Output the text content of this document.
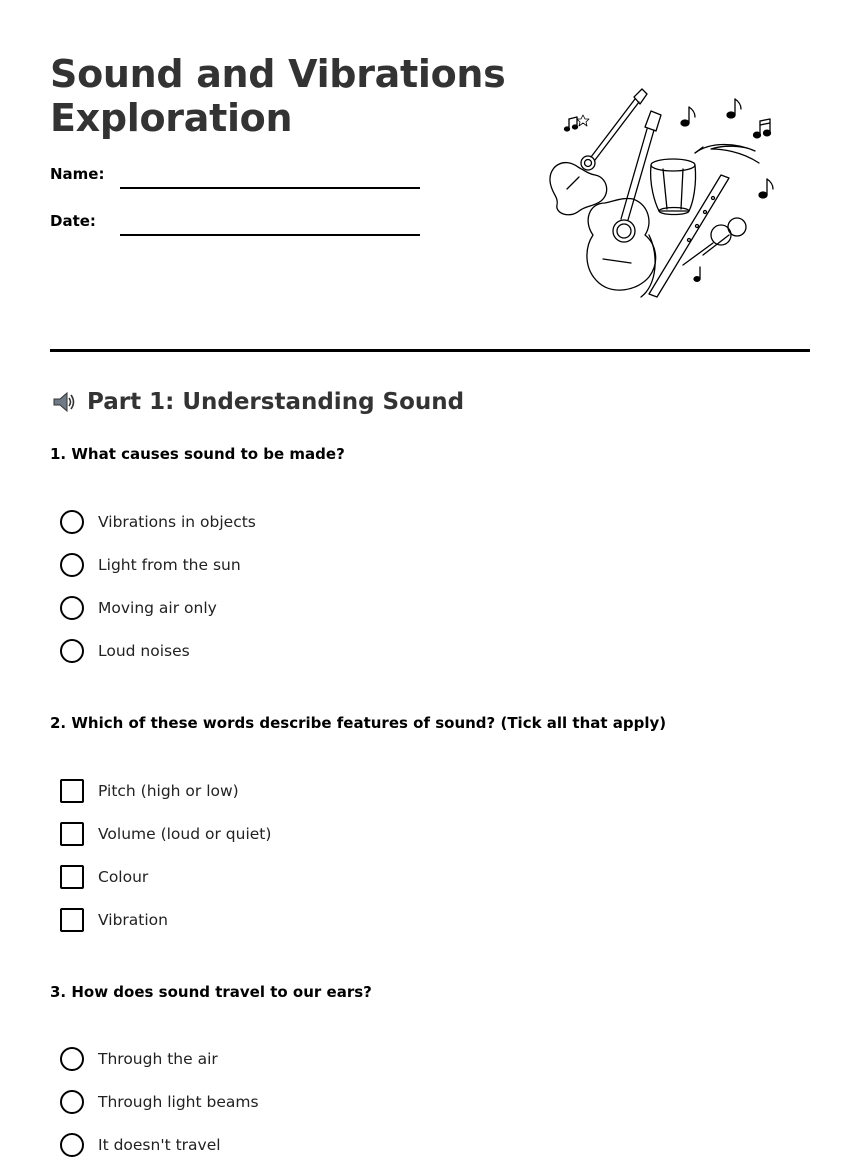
Sound and Vibrations
Exploration
Name:
Date:
Part 1: Understanding Sound

1. What causes sound to be made?

Vibrations in objects
Light from the sun
Moving air only
Loud noises

2. Which of these words describe features of sound? (Tick all that apply)

Pitch (high or low)
Volume (loud or quiet)
Colour
Vibration

3. How does sound travel to our ears?

Through the air
Through light beams
It doesn't travel
